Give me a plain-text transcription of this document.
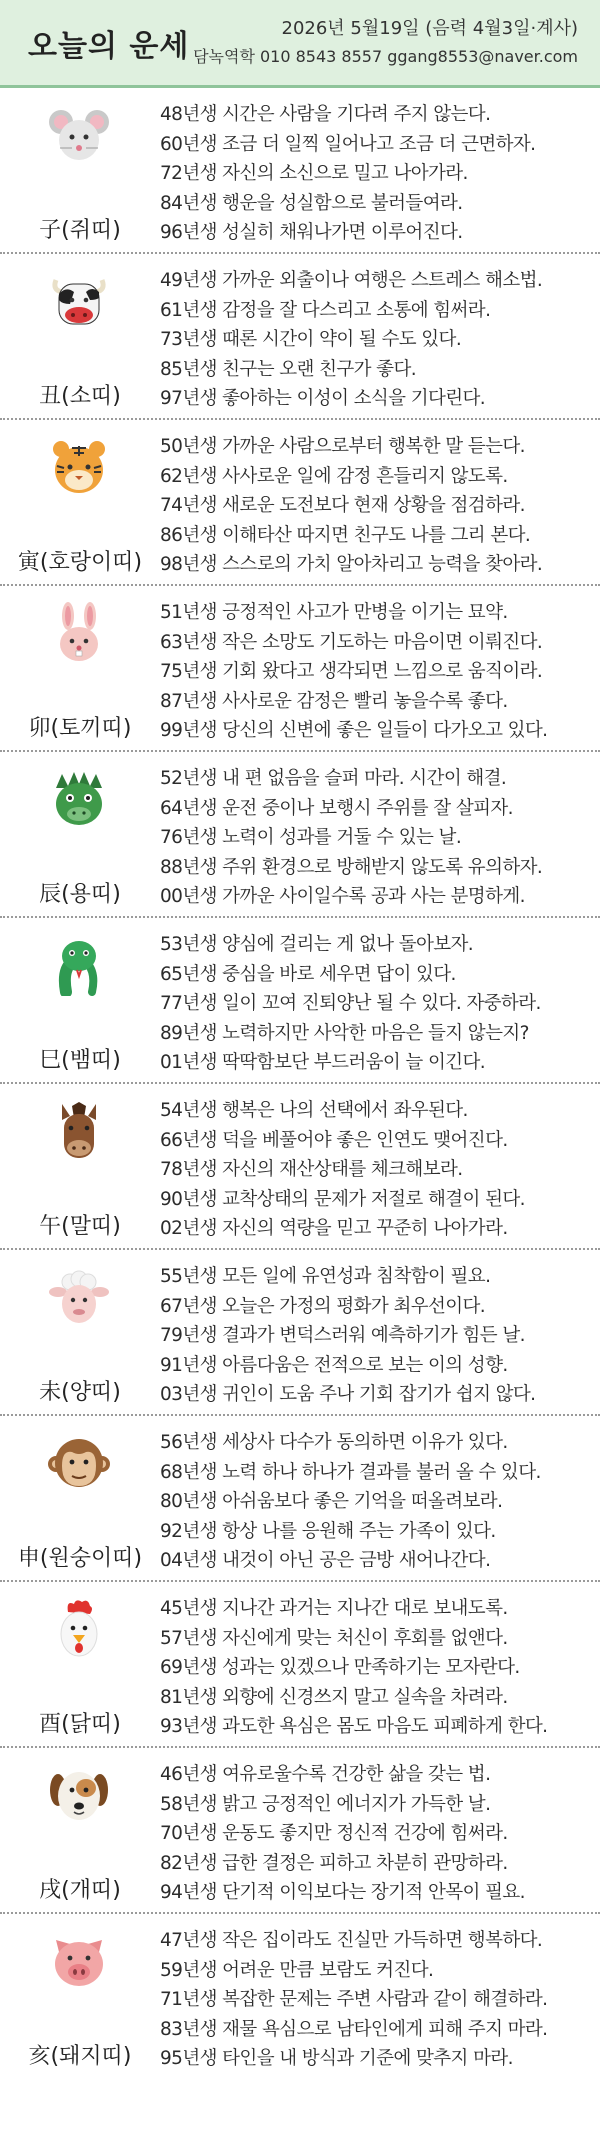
오늘의 운세
2026년 5월19일 (음력 4월3일·계사)
담녹역학 010 8543 8557 ggang8553@naver.com
子(쥐띠)
48년생 시간은 사람을 기다려 주지 않는다.
60년생 조금 더 일찍 일어나고 조금 더 근면하자.
72년생 자신의 소신으로 밀고 나아가라.
84년생 행운을 성실함으로 불러들여라.
96년생 성실히 채워나가면 이루어진다.
丑(소띠)
49년생 가까운 외출이나 여행은 스트레스 해소법.
61년생 감정을 잘 다스리고 소통에 힘써라.
73년생 때론 시간이 약이 될 수도 있다.
85년생 친구는 오랜 친구가 좋다.
97년생 좋아하는 이성이 소식을 기다린다.
寅(호랑이띠)
50년생 가까운 사람으로부터 행복한 말 듣는다.
62년생 사사로운 일에 감정 흔들리지 않도록.
74년생 새로운 도전보다 현재 상황을 점검하라.
86년생 이해타산 따지면 친구도 나를 그리 본다.
98년생 스스로의 가치 알아차리고 능력을 찾아라.
卯(토끼띠)
51년생 긍정적인 사고가 만병을 이기는 묘약.
63년생 작은 소망도 기도하는 마음이면 이뤄진다.
75년생 기회 왔다고 생각되면 느낌으로 움직이라.
87년생 사사로운 감정은 빨리 놓을수록 좋다.
99년생 당신의 신변에 좋은 일들이 다가오고 있다.
辰(용띠)
52년생 내 편 없음을 슬퍼 마라. 시간이 해결.
64년생 운전 중이나 보행시 주위를 잘 살피자.
76년생 노력이 성과를 거둘 수 있는 날.
88년생 주위 환경으로 방해받지 않도록 유의하자.
00년생 가까운 사이일수록 공과 사는 분명하게.
巳(뱀띠)
53년생 양심에 걸리는 게 없나 돌아보자.
65년생 중심을 바로 세우면 답이 있다.
77년생 일이 꼬여 진퇴양난 될 수 있다. 자중하라.
89년생 노력하지만 사악한 마음은 들지 않는지?
01년생 딱딱함보단 부드러움이 늘 이긴다.
午(말띠)
54년생 행복은 나의 선택에서 좌우된다.
66년생 덕을 베풀어야 좋은 인연도 맺어진다.
78년생 자신의 재산상태를 체크해보라.
90년생 교착상태의 문제가 저절로 해결이 된다.
02년생 자신의 역량을 믿고 꾸준히 나아가라.
未(양띠)
55년생 모든 일에 유연성과 침착함이 필요.
67년생 오늘은 가정의 평화가 최우선이다.
79년생 결과가 변덕스러워 예측하기가 힘든 날.
91년생 아름다움은 전적으로 보는 이의 성향.
03년생 귀인이 도움 주나 기회 잡기가 쉽지 않다.
申(원숭이띠)
56년생 세상사 다수가 동의하면 이유가 있다.
68년생 노력 하나 하나가 결과를 불러 올 수 있다.
80년생 아쉬움보다 좋은 기억을 떠올려보라.
92년생 항상 나를 응원해 주는 가족이 있다.
04년생 내것이 아닌 공은 금방 새어나간다.
酉(닭띠)
45년생 지나간 과거는 지나간 대로 보내도록.
57년생 자신에게 맞는 처신이 후회를 없앤다.
69년생 성과는 있겠으나 만족하기는 모자란다.
81년생 외향에 신경쓰지 말고 실속을 차려라.
93년생 과도한 욕심은 몸도 마음도 피폐하게 한다.
戌(개띠)
46년생 여유로울수록 건강한 삶을 갖는 법.
58년생 밝고 긍정적인 에너지가 가득한 날.
70년생 운동도 좋지만 정신적 건강에 힘써라.
82년생 급한 결정은 피하고 차분히 관망하라.
94년생 단기적 이익보다는 장기적 안목이 필요.
亥(돼지띠)
47년생 작은 집이라도 진실만 가득하면 행복하다.
59년생 어려운 만큼 보람도 커진다.
71년생 복잡한 문제는 주변 사람과 같이 해결하라.
83년생 재물 욕심으로 남타인에게 피해 주지 마라.
95년생 타인을 내 방식과 기준에 맞추지 마라.
